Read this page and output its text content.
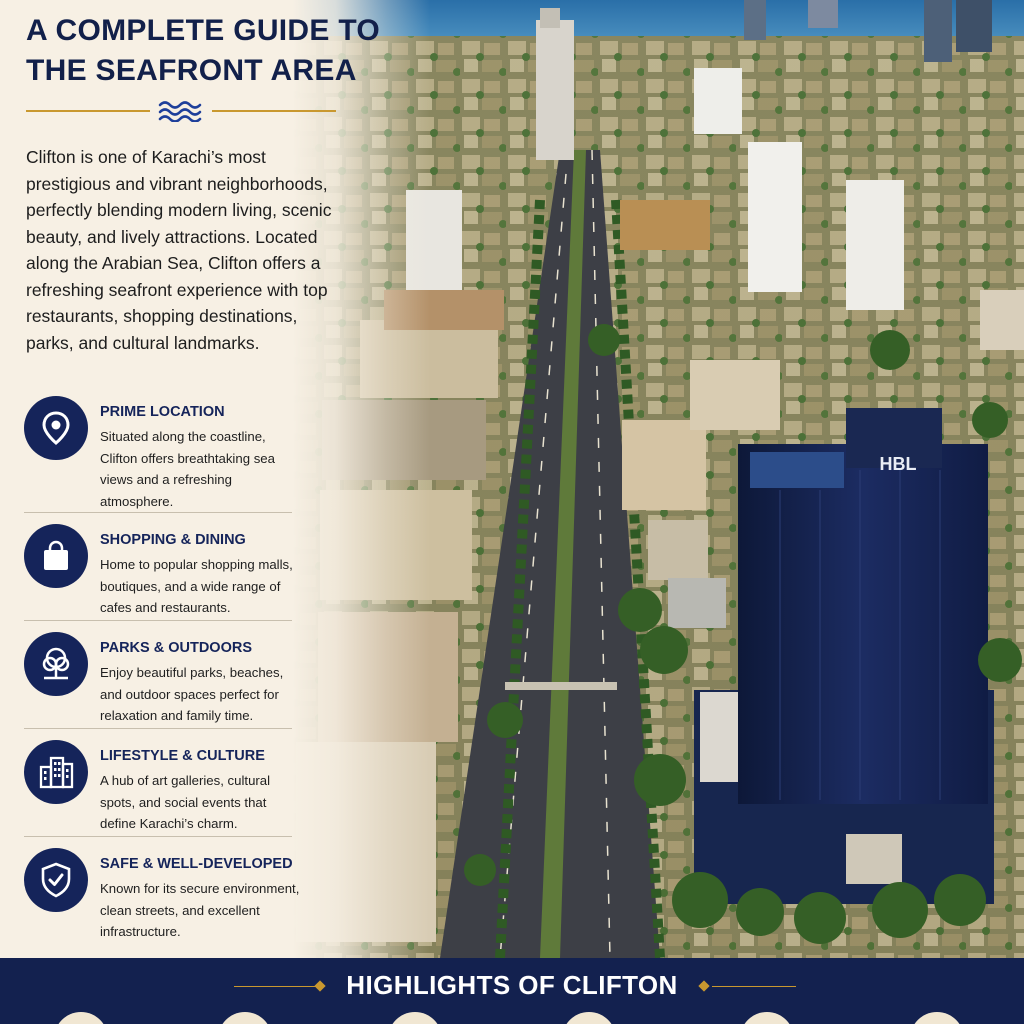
HBL
A COMPLETE GUIDE TO
THE SEAFRONT AREA
Clifton is one of Karachi’s most prestigious and vibrant neighborhoods, perfectly blending modern living, scenic beauty, and lively attractions. Located along the Arabian Sea, Clifton offers a refreshing seafront experience with top restaurants, shopping destinations, parks, and cultural landmarks.
PRIME LOCATION
Situated along the coastline, Clifton offers breathtaking sea views and a refreshing atmosphere.
SHOPPING & DINING
Home to popular shopping malls, boutiques, and a wide range of cafes and restaurants.
PARKS & OUTDOORS
Enjoy beautiful parks, beaches, and outdoor spaces perfect for relaxation and family time.
LIFESTYLE & CULTURE
A hub of art galleries, cultural spots, and social events that define Karachi’s charm.
SAFE & WELL-DEVELOPED
Known for its secure environment, clean streets, and excellent infrastructure.
HIGHLIGHTS OF CLIFTON
